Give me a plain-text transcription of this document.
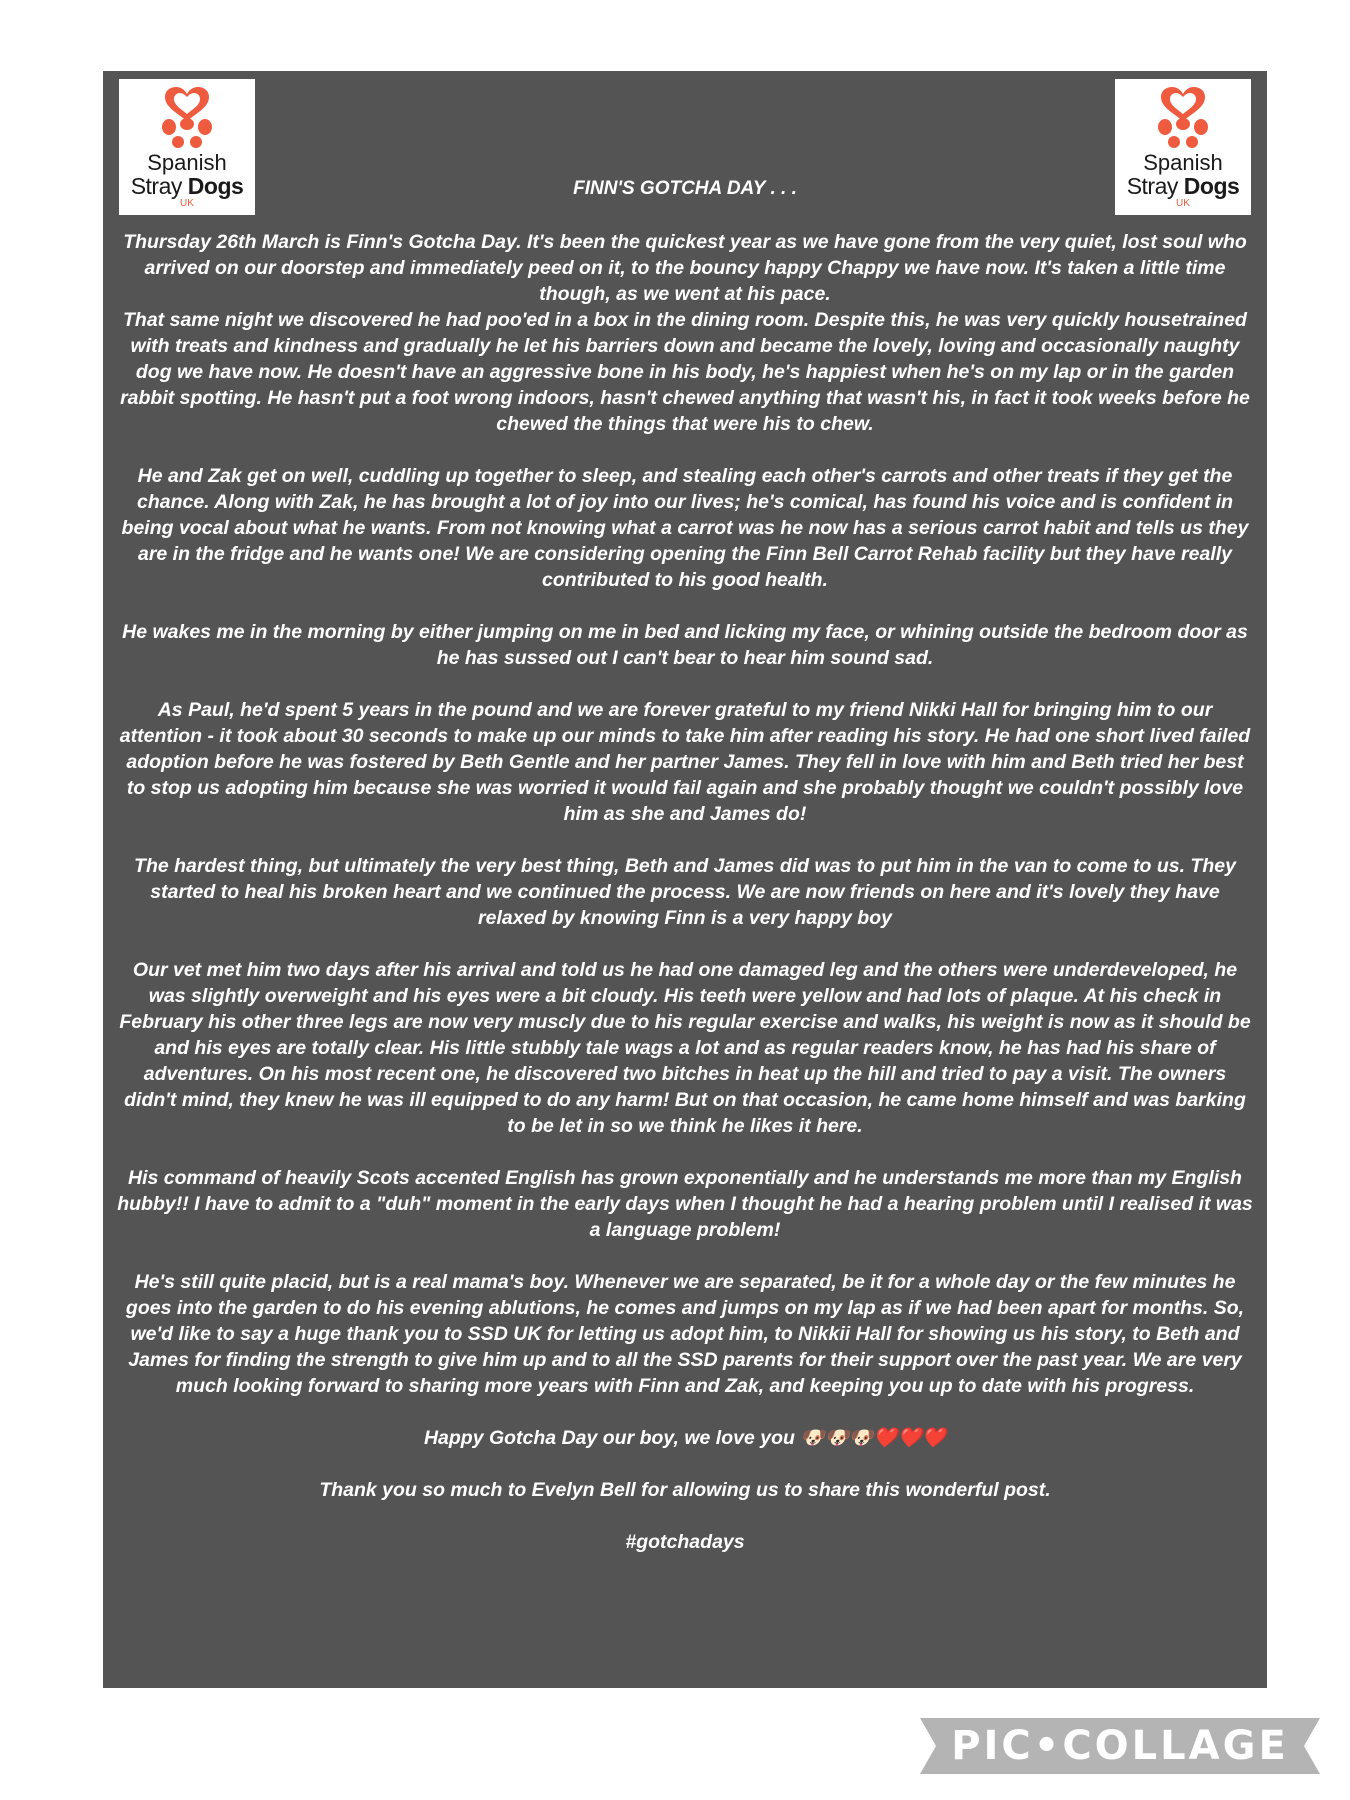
Spanish
Stray Dogs
UK
Spanish
Stray Dogs
UK
FINN'S GOTCHA DAY . . .

Thursday 26th March is Finn's Gotcha Day. It's been the quickest year as we have gone from the very quiet, lost soul who arrived on our doorstep and immediately peed on it, to the bouncy happy Chappy we have now. It's taken a little time though, as we went at his pace.
That same night we discovered he had poo'ed in a box in the dining room. Despite this, he was very quickly housetrained with treats and kindness and gradually he let his barriers down and became the lovely, loving and occasionally naughty dog we have now. He doesn't have an aggressive bone in his body, he's happiest when he's on my lap or in the garden rabbit spotting. He hasn't put a foot wrong indoors, hasn't chewed anything that wasn't his, in fact it took weeks before he chewed the things that were his to chew.

He and Zak get on well, cuddling up together to sleep, and stealing each other's carrots and other treats if they get the chance. Along with Zak, he has brought a lot of joy into our lives; he's comical, has found his voice and is confident in being vocal about what he wants. From not knowing what a carrot was he now has a serious carrot habit and tells us they are in the fridge and he wants one! We are considering opening the Finn Bell Carrot Rehab facility but they have really contributed to his good health.

He wakes me in the morning by either jumping on me in bed and licking my face, or whining outside the bedroom door as he has sussed out I can't bear to hear him sound sad.

As Paul, he'd spent 5 years in the pound and we are forever grateful to my friend Nikki Hall for bringing him to our attention - it took about 30 seconds to make up our minds to take him after reading his story. He had one short lived failed adoption before he was fostered by Beth Gentle and her partner James. They fell in love with him and Beth tried her best to stop us adopting him because she was worried it would fail again and she probably thought we couldn't possibly love him as she and James do!

The hardest thing, but ultimately the very best thing, Beth and James did was to put him in the van to come to us. They started to heal his broken heart and we continued the process. We are now friends on here and it's lovely they have relaxed by knowing Finn is a very happy boy

Our vet met him two days after his arrival and told us he had one damaged leg and the others were underdeveloped, he was slightly overweight and his eyes were a bit cloudy. His teeth were yellow and had lots of plaque. At his check in February his other three legs are now very muscly due to his regular exercise and walks, his weight is now as it should be and his eyes are totally clear. His little stubbly tale wags a lot and as regular readers know, he has had his share of adventures. On his most recent one, he discovered two bitches in heat up the hill and tried to pay a visit. The owners didn't mind, they knew he was ill equipped to do any harm! But on that occasion, he came home himself and was barking to be let in so we think he likes it here.

His command of heavily Scots accented English has grown exponentially and he understands me more than my English hubby!! I have to admit to a "duh" moment in the early days when I thought he had a hearing problem until I realised it was a language problem!

He's still quite placid, but is a real mama's boy. Whenever we are separated, be it for a whole day or the few minutes he goes into the garden to do his evening ablutions, he comes and jumps on my lap as if we had been apart for months. So, we'd like to say a huge thank you to SSD UK for letting us adopt him, to Nikkii Hall for showing us his story, to Beth and James for finding the strength to give him up and to all the SSD parents for their support over the past year. We are very much looking forward to sharing more years with Finn and Zak, and keeping you up to date with his progress.

Happy Gotcha Day our boy, we love you 🐶🐶🐶❤️❤️❤️

Thank you so much to Evelyn Bell for allowing us to share this wonderful post.

#gotchadays

PIC•COLLAGE
